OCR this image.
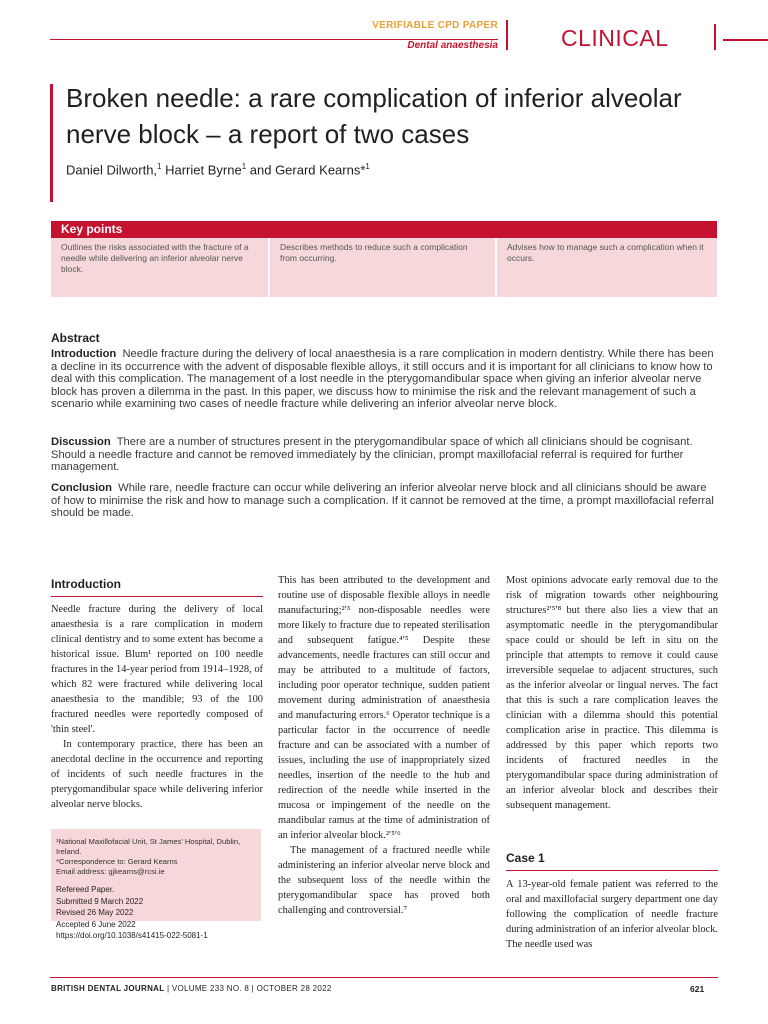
VERIFIABLE CPD PAPER
Dental anaesthesia	CLINICAL
Broken needle: a rare complication of inferior alveolar nerve block – a report of two cases
Daniel Dilworth,$^1$ Harriet Byrne$^1$ and Gerard Kearns*$^1$
Key points
Outlines the risks associated with the fracture of a needle while delivering an inferior alveolar nerve block.
Describes methods to reduce such a complication from occurring.
Advises how to manage such a complication when it occurs.
Abstract
Introduction Needle fracture during the delivery of local anaesthesia is a rare complication in modern dentistry. While there has been a decline in its occurrence with the advent of disposable flexible alloys, it still occurs and it is important for all clinicians to know how to deal with this complication. The management of a lost needle in the pterygomandibular space when giving an inferior alveolar nerve block has proven a dilemma in the past. In this paper, we discuss how to minimise the risk and the relevant management of such a scenario while examining two cases of needle fracture while delivering an inferior alveolar nerve block.
Discussion There are a number of structures present in the pterygomandibular space of which all clinicians should be cognisant. Should a needle fracture and cannot be removed immediately by the clinician, prompt maxillofacial referral is required for further management.
Conclusion While rare, needle fracture can occur while delivering an inferior alveolar nerve block and all clinicians should be aware of how to minimise the risk and how to manage such a complication. If it cannot be removed at the time, a prompt maxillofacial referral should be made.
Introduction

Needle fracture during the delivery of local anaesthesia is a rare complication in modern clinical dentistry and to some extent has become a historical issue. Blum¹ reported on 100 needle fractures in the 14-year period from 1914–1928, of which 82 were fractured while delivering local anaesthesia to the mandible; 93 of the 100 fractured needles were reportedly composed of 'thin steel'.

In contemporary practice, there has been an anecdotal decline in the occurrence and reporting of incidents of such needle fractures in the pterygomandibular space while delivering inferior alveolar nerve blocks.

¹National Maxillofacial Unit, St James' Hospital, Dublin, Ireland.
*Correspondence to: Gerard Kearns
Email address: gjkearns@rcsi.ie
Refereed Paper.
Submitted 9 March 2022
Revised 26 May 2022
Accepted 6 June 2022
https://doi.org/10.1038/s41415-022-5081-1

This has been attributed to the development and routine use of disposable flexible alloys in needle manufacturing;²ʹ³ non-disposable needles were more likely to fracture due to repeated sterilisation and subsequent fatigue.⁴ʹ⁵ Despite these advancements, needle fractures can still occur and may be attributed to a multitude of factors, including poor operator technique, sudden patient movement during administration of anaesthesia and manufacturing errors.⁶ Operator technique is a particular factor in the occurrence of needle fracture and can be associated with a number of issues, including the use of inappropriately sized needles, insertion of the needle to the hub and redirection of the needle while inserted in the mucosa or impingement of the needle on the mandibular ramus at the time of administration of an inferior alveolar block.²ʹ⁵ʹ⁶

The management of a fractured needle while administering an inferior alveolar nerve block and the subsequent loss of the needle within the pterygomandibular space has proved both challenging and controversial.⁷

Most opinions advocate early removal due to the risk of migration towards other neighbouring structures²ʹ⁵ʹ⁸ but there also lies a view that an asymptomatic needle in the pterygomandibular space could or should be left in situ on the principle that attempts to remove it could cause irreversible sequelae to adjacent structures, such as the inferior alveolar or lingual nerves. The fact that this is such a rare complication leaves the clinician with a dilemma should this potential complication arise in practice. This dilemma is addressed by this paper which reports two incidents of fractured needles in the pterygomandibular space during administration of an inferior alveolar block and describes their subsequent management.

Case 1

A 13-year-old female patient was referred to the oral and maxillofacial surgery department one day following the complication of needle fracture during administration of an inferior alveolar block. The needle used was

BRITISH DENTAL JOURNAL | VOLUME 233 NO. 8 | OCTOBER 28 2022	621
